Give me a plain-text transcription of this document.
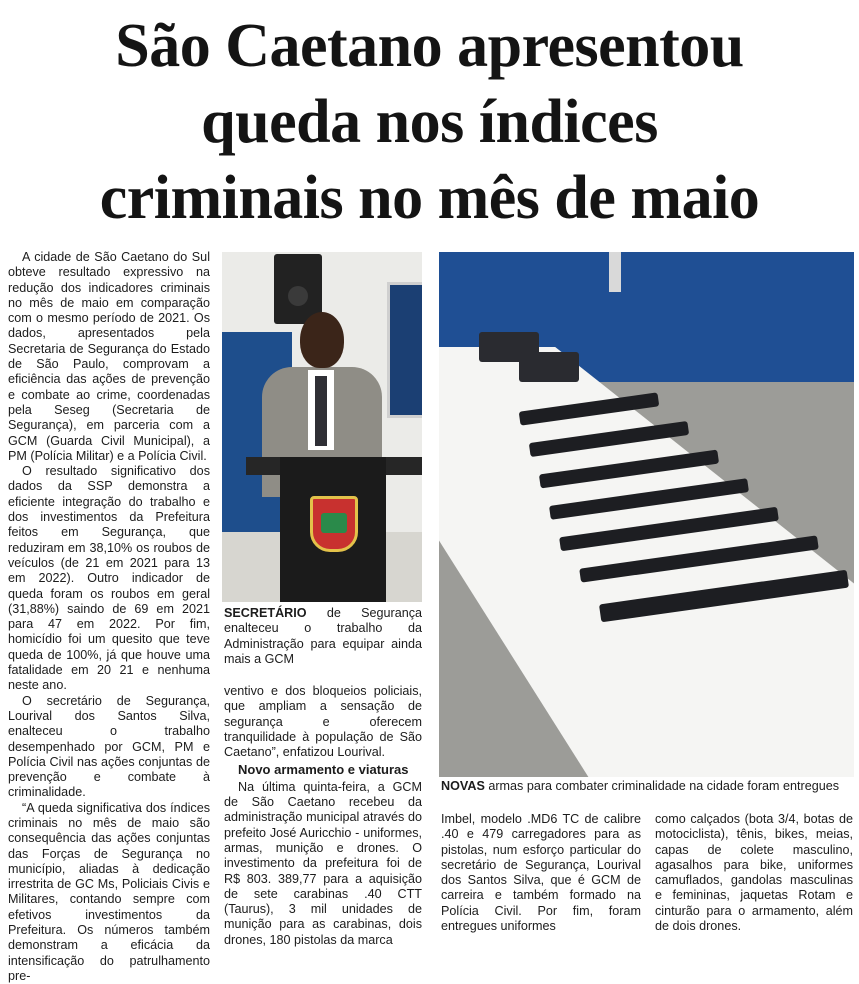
São Caetano apresentou
queda nos índices
criminais no mês de maio

A cidade de São Caetano do Sul obteve resultado expressivo na redução dos indicadores criminais no mês de maio em comparação com o mesmo período de 2021. Os dados, apresentados pela Secretaria de Segurança do Estado de São Paulo, comprovam a eficiência das ações de prevenção e combate ao crime, coordenadas pela Seseg (Secretaria de Segurança), em parceria com a GCM (Guarda Civil Municipal), a PM (Polícia Militar) e a Polícia Civil.

O resultado significativo dos dados da SSP demonstra a eficiente integração do trabalho e dos investimentos da Prefeitura feitos em Segurança, que reduziram em 38,10% os roubos de veículos (de 21 em 2021 para 13 em 2022). Outro indicador de queda foram os roubos em geral (31,88%) saindo de 69 em 2021 para 47 em 2022. Por fim, homicídio foi um quesito que teve queda de 100%, já que houve uma fatalidade em 20 21 e nenhuma neste ano.

O secretário de Segurança, Lourival dos Santos Silva, enalteceu o trabalho desempenhado por GCM, PM e Polícia Civil nas ações conjuntas de prevenção e combate à criminalidade.

“A queda significativa dos índices criminais no mês de maio são consequência das ações conjuntas das Forças de Segurança no município, aliadas à dedicação irrestrita de GC Ms, Policiais Civis e Militares, contando sempre com efetivos investimentos da Prefeitura. Os números também demonstram a eficácia da intensificação do patrulhamento pre-

SECRETÁRIO de Segurança enalteceu o trabalho da Administração para equipar ainda mais a GCM

ventivo e dos bloqueios policiais, que ampliam a sensação de segurança e oferecem tranquilidade à população de São Caetano”, enfatizou Lourival.

Novo armamento e viaturas

Na última quinta-feira, a GCM de São Caetano recebeu da administração municipal através do prefeito José Auricchio - uniformes, armas, munição e drones. O investimento da prefeitura foi de R$ 803. 389,77 para a aquisição de sete carabinas .40 CTT (Taurus), 3 mil unidades de munição para as carabinas, dois drones, 180 pistolas da marca

NOVAS armas para combater criminalidade na cidade foram entregues

Imbel, modelo .MD6 TC de calibre .40 e 479 carregadores para as pistolas, num esforço particular do secretário de Segurança, Lourival dos Santos Silva, que é GCM de carreira e também formado na Polícia Civil. Por fim, foram entregues uniformes

como calçados (bota 3/4, botas de motociclista), tênis, bikes, meias, capas de colete masculino, agasalhos para bike, uniformes camuflados, gandolas masculinas e femininas, jaquetas Rotam e cinturão para o armamento, além de dois drones.
